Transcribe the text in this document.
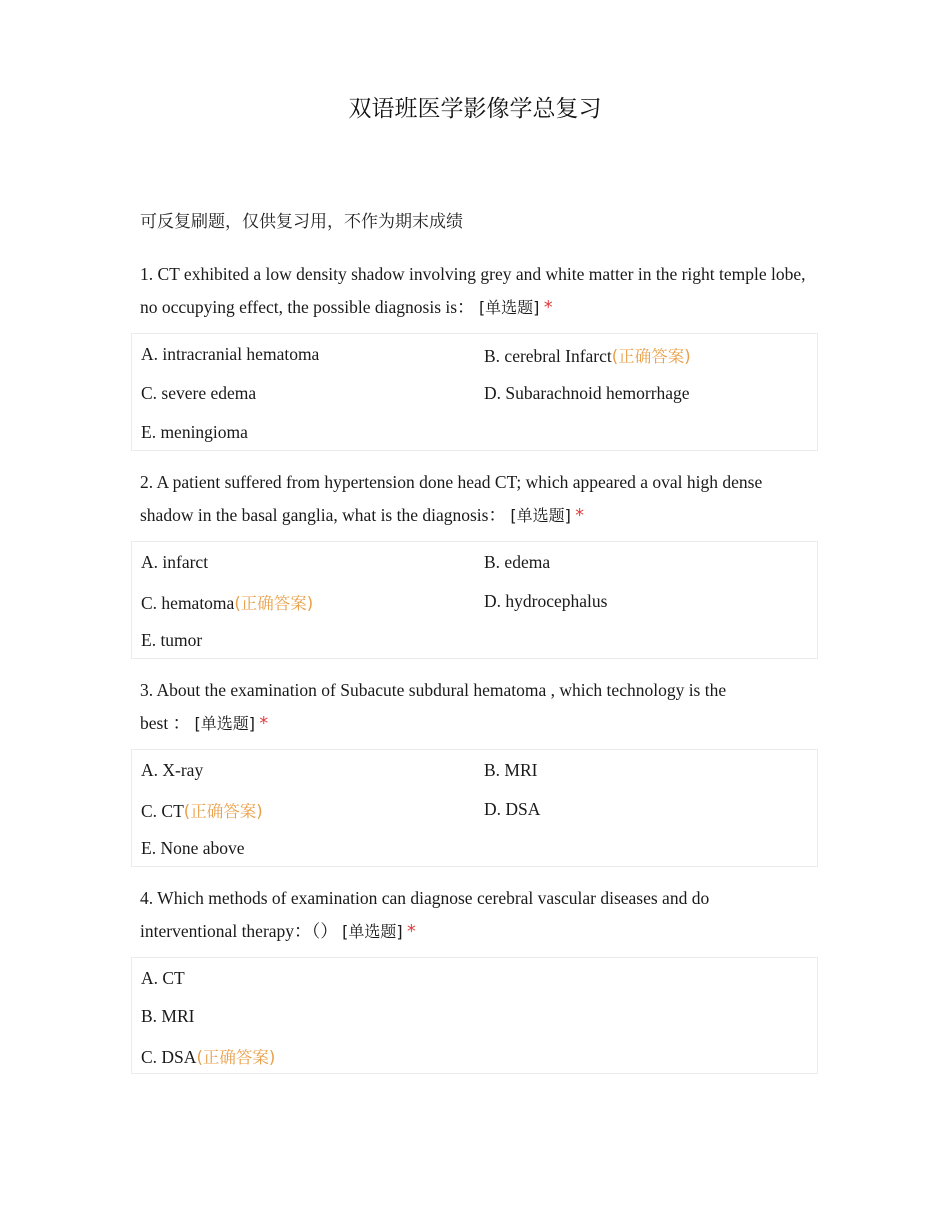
双语班医学影像学总复习
可反复刷题，仅供复习用，不作为期末成绩
1. CT exhibited a low density shadow involving grey and white matter in the right temple lobe, no occupying effect, the possible diagnosis is： [单选题] *
A. intracranial hematoma	B. cerebral Infarct(正确答案)
C. severe edema	D. Subarachnoid hemorrhage
E. meningioma
2. A patient suffered from hypertension done head CT; which appeared a oval high dense shadow in the basal ganglia, what is the diagnosis： [单选题] *
A. infarct	B. edema
C. hematoma(正确答案)	D. hydrocephalus
E. tumor
3. About the examination of Subacute subdural hematoma , which technology is the
best ： [单选题] *
A. X-ray	B. MRI
C. CT(正确答案)	D. DSA
E. None above
4. Which methods of examination can diagnose cerebral vascular diseases and do
interventional therapy：（） [单选题] *
A. CT
B. MRI
C. DSA(正确答案)
